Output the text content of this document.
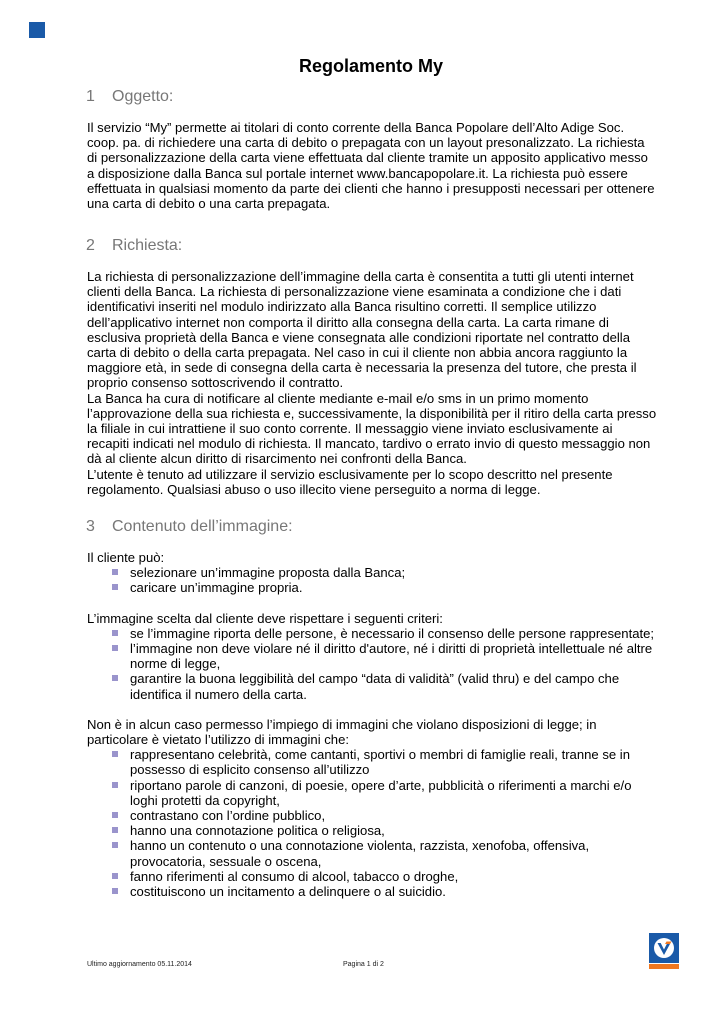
Regolamento My
1	Oggetto:

Il servizio “My” permette ai titolari di conto corrente della Banca Popolare dell’Alto Adige Soc. coop. pa. di richiedere una carta di debito o prepagata con un layout presonalizzato. La richiesta di personalizzazione della carta viene effettuata dal cliente tramite un apposito applicativo messo a disposizione dalla Banca sul portale internet www.bancapopolare.it. La richiesta può essere effettuata in qualsiasi momento da parte dei clienti che hanno i presupposti necessari per ottenere una carta di debito o una carta prepagata.

2	Richiesta:

La richiesta di personalizzazione dell’immagine della carta è consentita a tutti gli utenti internet clienti della Banca. La richiesta di personalizzazione viene esaminata a condizione che i dati identificativi inseriti nel modulo indirizzato alla Banca risultino corretti. Il semplice utilizzo dell’applicativo internet non comporta il diritto alla consegna della carta. La carta rimane di esclusiva proprietà della Banca e viene consegnata alle condizioni riportate nel contratto della carta di debito o della carta prepagata. Nel caso in cui il cliente non abbia ancora raggiunto la maggiore età, in sede di consegna della carta è necessaria la presenza del tutore, che presta il proprio consenso sottoscrivendo il contratto.

La Banca ha cura di notificare al cliente mediante e-mail e/o sms in un primo momento l’approvazione della sua richiesta e, successivamente, la disponibilità per il ritiro della carta presso la filiale in cui intrattiene il suo conto corrente. Il messaggio viene inviato esclusivamente ai recapiti indicati nel modulo di richiesta. Il mancato, tardivo o errato invio di questo messaggio non dà al cliente alcun diritto di risarcimento nei confronti della Banca.

L’utente è tenuto ad utilizzare il servizio esclusivamente per lo scopo descritto nel presente regolamento. Qualsiasi abuso o uso illecito viene perseguito a norma di legge.

3	Contenuto dell’immagine:

Il cliente può:

selezionare un’immagine proposta dalla Banca;
caricare un’immagine propria.

L’immagine scelta dal cliente deve rispettare i seguenti criteri:

se l’immagine riporta delle persone, è necessario il consenso delle persone rappresentate;
l’immagine non deve violare né il diritto d'autore, né i diritti di proprietà intellettuale né altre norme di legge,
garantire la buona leggibilità del campo “data di validità” (valid thru) e del campo che identifica il numero della carta.

Non è in alcun caso permesso l’impiego di immagini che violano disposizioni di legge; in particolare è vietato l’utilizzo di immagini che:

rappresentano celebrità, come cantanti, sportivi o membri di famiglie reali, tranne se in possesso di esplicito consenso all’utilizzo
riportano parole di canzoni, di poesie, opere d’arte, pubblicità o riferimenti a marchi e/o loghi protetti da copyright,
contrastano con l’ordine pubblico,
hanno una connotazione politica o religiosa,
hanno un contenuto o una connotazione violenta, razzista, xenofoba, offensiva, provocatoria, sessuale o oscena,
fanno riferimenti al consumo di alcool, tabacco o droghe,
costituiscono un incitamento a delinquere o al suicidio.
Ultimo aggiornamento 05.11.2014	Pagina 1 di 2
